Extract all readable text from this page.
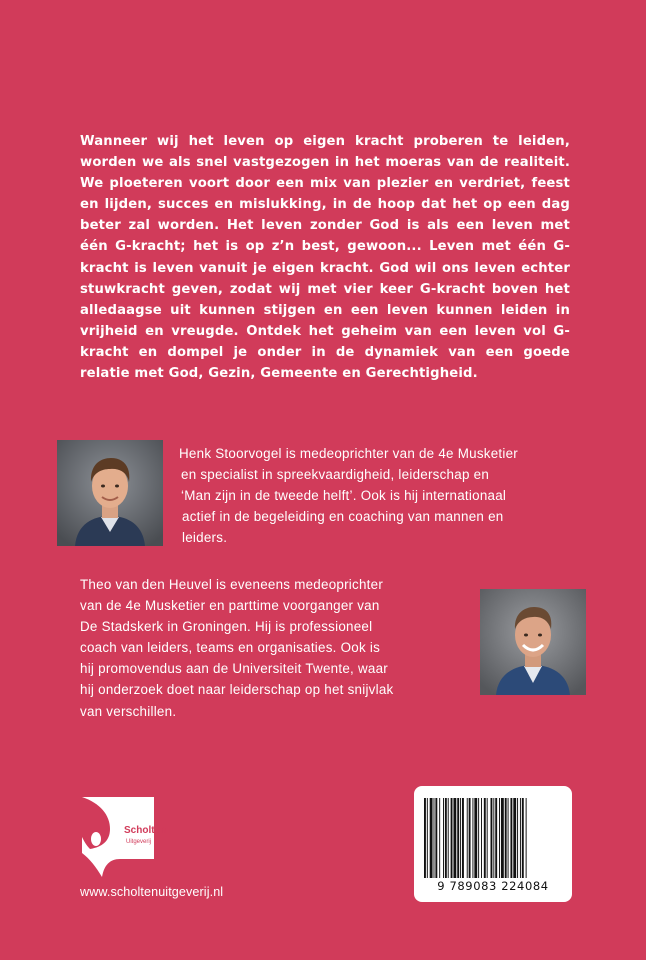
Wanneer wij het leven op eigen kracht proberen te leiden, worden we als snel vastgezogen in het moeras van de realiteit. We ploeteren voort door een mix van plezier en verdriet, feest en lijden, succes en mislukking, in de hoop dat het op een dag beter zal worden. Het leven zonder God is als een leven met één G-kracht; het is op z’n best, gewoon... Leven met één G-kracht is leven vanuit je eigen kracht. God wil ons leven echter stuwkracht geven, zodat wij met vier keer G-kracht boven het alledaagse uit kunnen stijgen en een leven kunnen leiden in vrijheid en vreugde. Ontdek het geheim van een leven vol G-kracht en dompel je onder in de dynamiek van een goede relatie met God, Gezin, Gemeente en Gerechtigheid.
Henk Stoorvogel is medeoprichter van de 4e Musketier
en specialist in spreekvaardigheid, leiderschap en
‘Man zijn in de tweede helft’. Ook is hij internationaal
actief in de begeleiding en coaching van mannen en
leiders.
Theo van den Heuvel is eveneens medeoprichter
van de 4e Musketier en parttime voorganger van
De Stadskerk in Groningen. Hij is professioneel
coach van leiders, teams en organisaties. Ook is
hij promovendus aan de Universiteit Twente, waar
hij onderzoek doet naar leiderschap op het snijvlak
van verschillen.
Scholten
Uitgeverij
www.scholtenuitgeverij.nl	9 789083 224084
